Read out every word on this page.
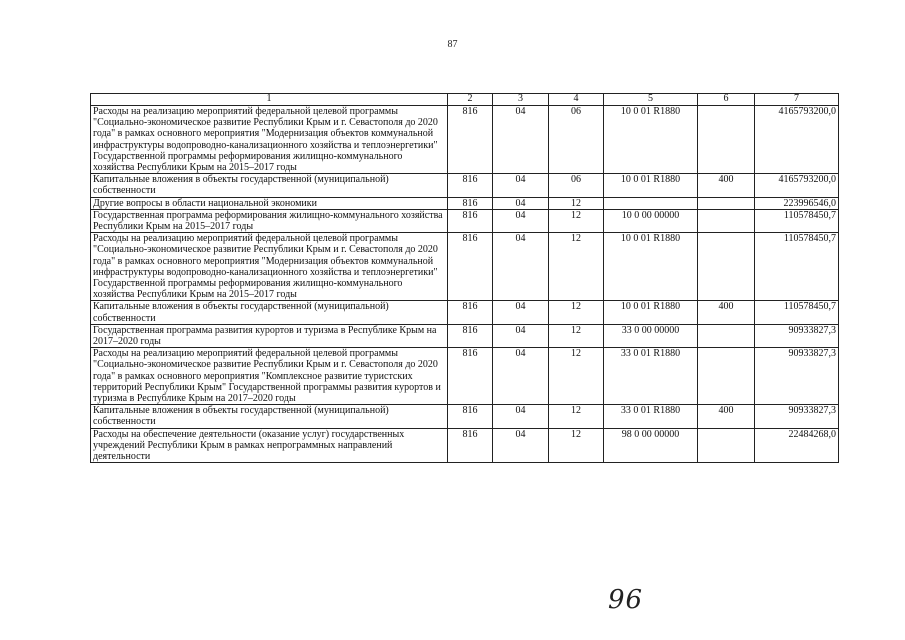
87
1	2	3	4	5	6	7
Расходы на реализацию мероприятий федеральной целевой программы "Социально-экономическое развитие Республики Крым и г. Севастополя до 2020 года" в рамках основного мероприятия "Модернизация объектов коммунальной инфраструктуры водопроводно-канализационного хозяйства и теплоэнергетики" Государственной программы реформирования жилищно-коммунального хозяйства Республики Крым на 2015–2017 годы	816	04	06	10 0 01 R1880		4165793200,0
Капитальные вложения в объекты государственной (муниципальной) собственности	816	04	06	10 0 01 R1880	400	4165793200,0
Другие вопросы в области национальной экономики	816	04	12			223996546,0
Государственная программа реформирования жилищно-коммунального хозяйства Республики Крым на 2015–2017 годы	816	04	12	10 0 00 00000		110578450,7
Расходы на реализацию мероприятий федеральной целевой программы "Социально-экономическое развитие Республики Крым и г. Севастополя до 2020 года" в рамках основного мероприятия "Модернизация объектов коммунальной инфраструктуры водопроводно-канализационного хозяйства и теплоэнергетики" Государственной программы реформирования жилищно-коммунального хозяйства Республики Крым на 2015–2017 годы	816	04	12	10 0 01 R1880		110578450,7
Капитальные вложения в объекты государственной (муниципальной) собственности	816	04	12	10 0 01 R1880	400	110578450,7
Государственная программа развития курортов и туризма в Республике Крым на 2017–2020 годы	816	04	12	33 0 00 00000		90933827,3
Расходы на реализацию мероприятий федеральной целевой программы "Социально-экономическое развитие Республики Крым и г. Севастополя до 2020 года" в рамках основного мероприятия "Комплексное развитие туристских территорий Республики Крым" Государственной программы развития курортов и туризма в Республике Крым на 2017–2020 годы	816	04	12	33 0 01 R1880		90933827,3
Капитальные вложения в объекты государственной (муниципальной) собственности	816	04	12	33 0 01 R1880	400	90933827,3
Расходы на обеспечение деятельности (оказание услуг) государственных учреждений Республики Крым в рамках непрограммных направлений деятельности	816	04	12	98 0 00 00000		22484268,0
96
